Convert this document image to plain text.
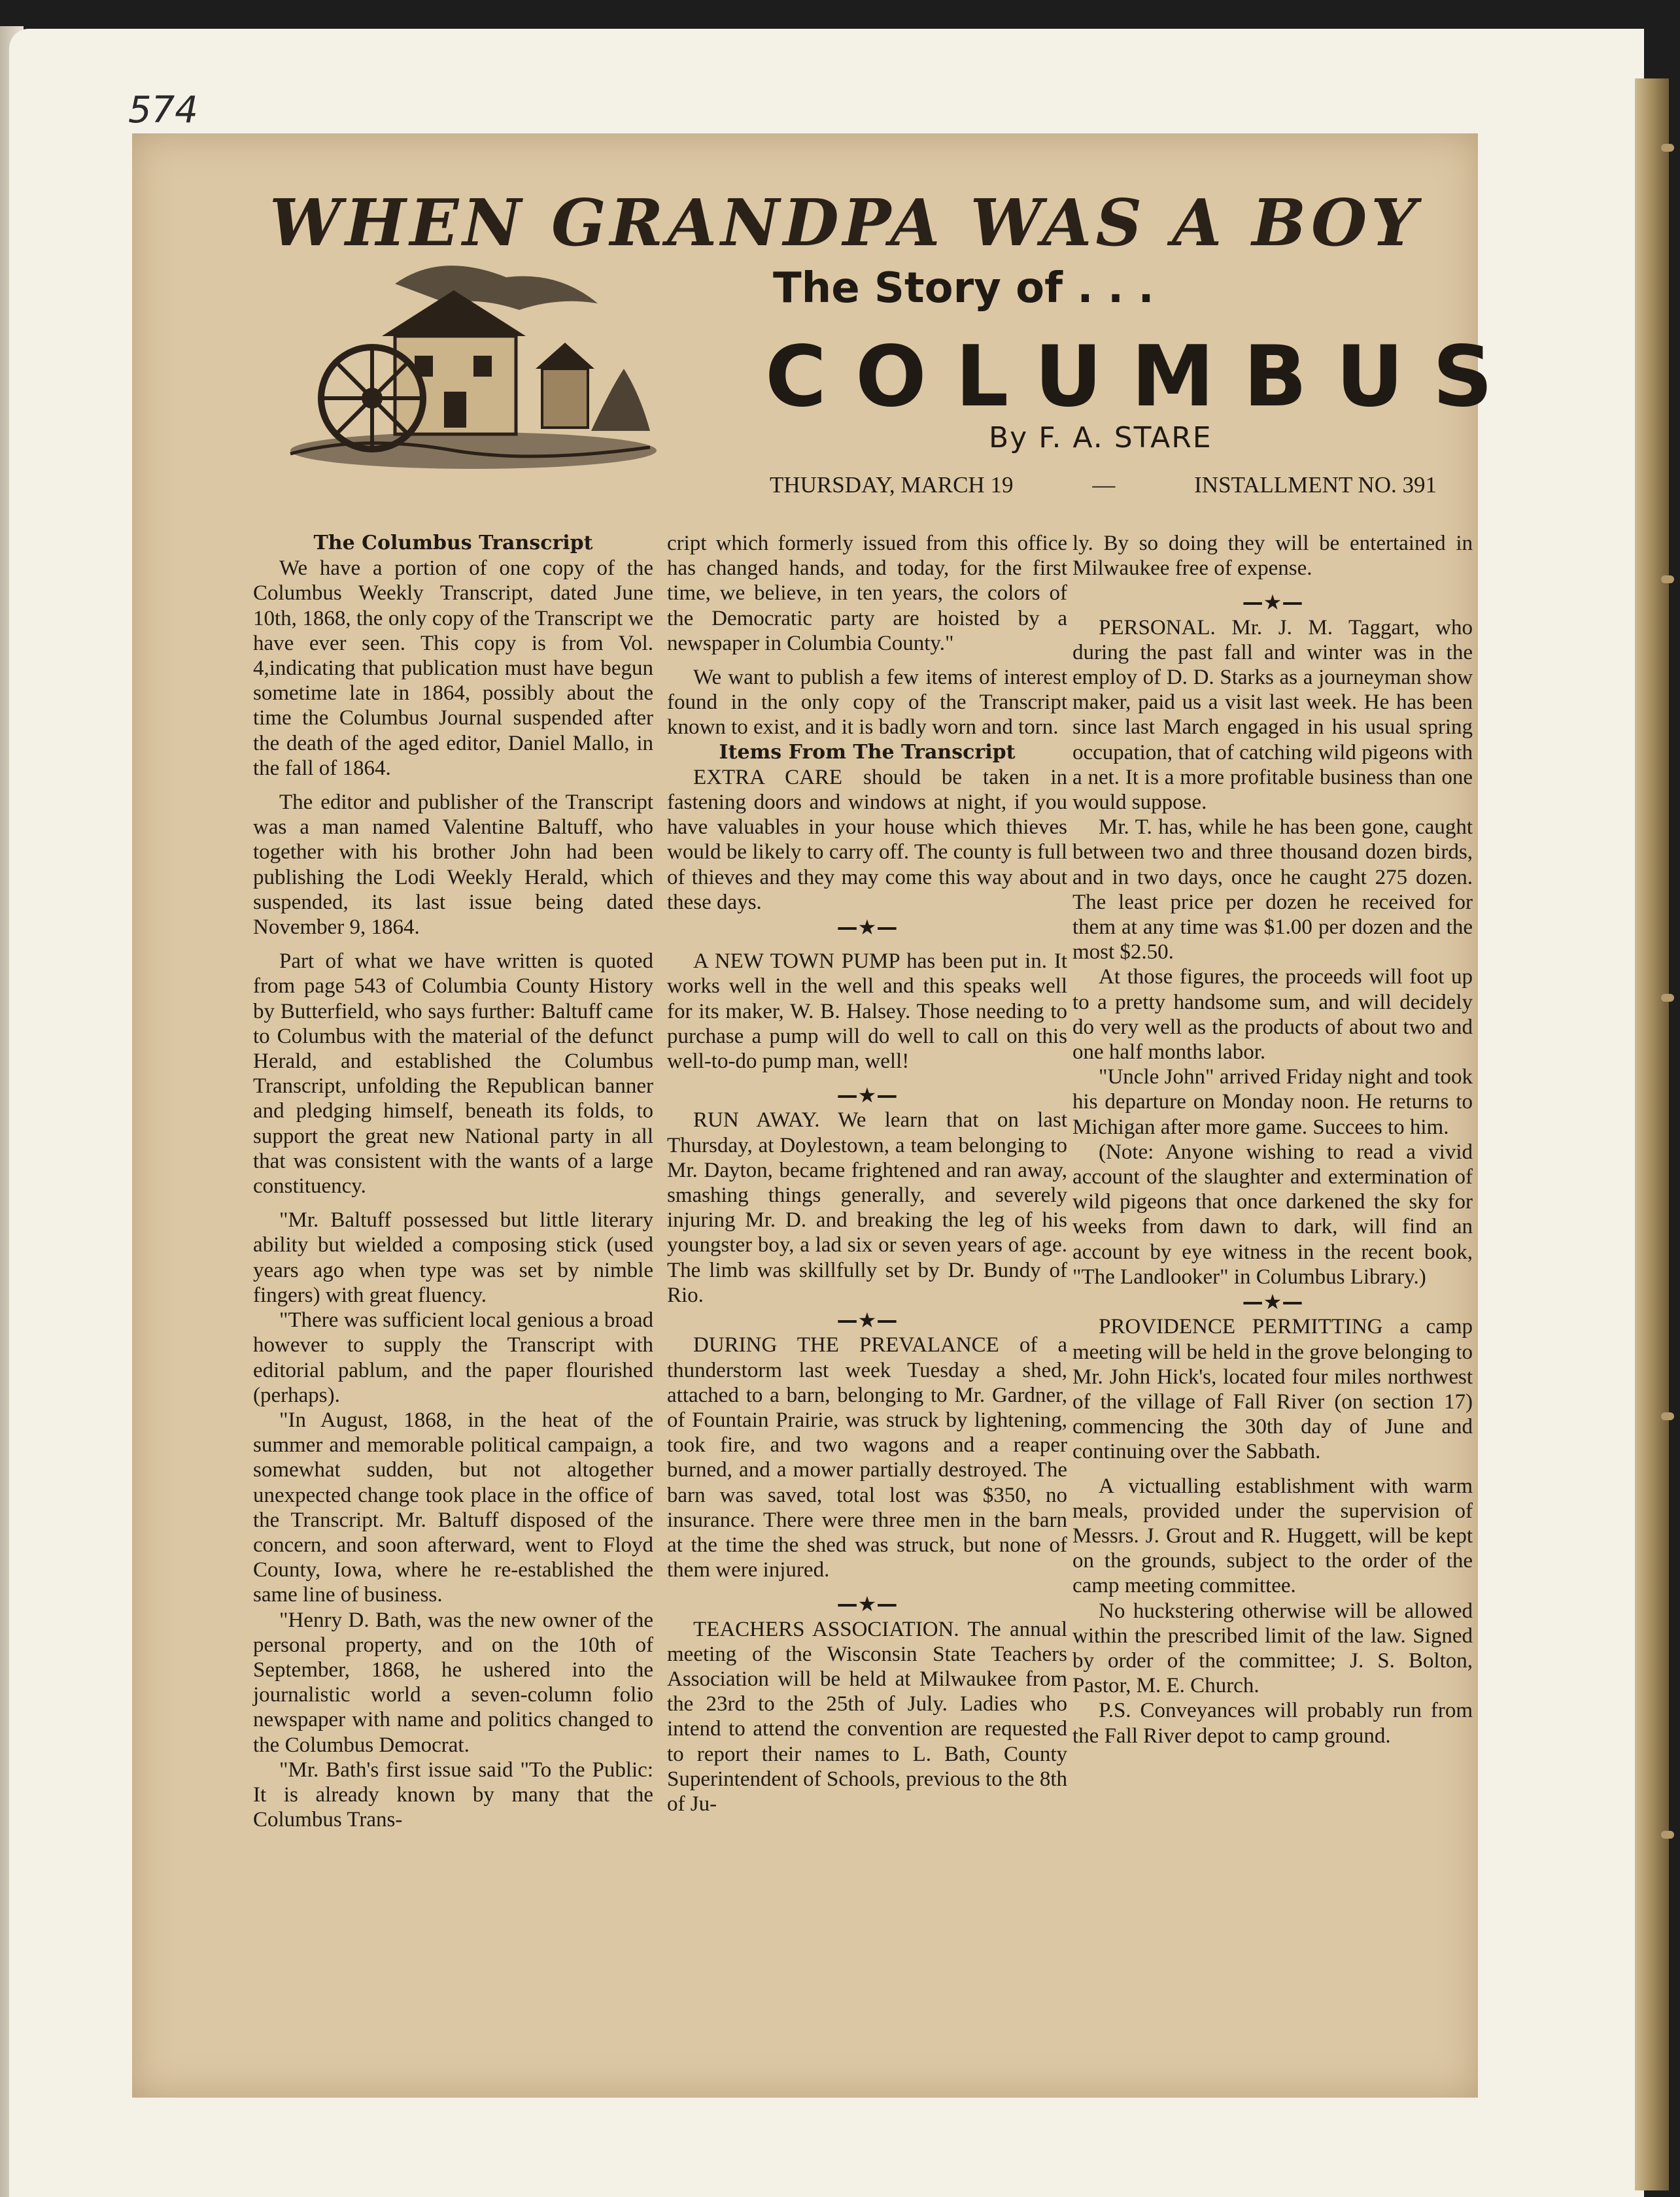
574
WHEN GRANDPA WAS A BOY
The Story of . . .
COLUMBUS
By F. A. STARE
THURSDAY, MARCH 19	—	INSTALLMENT NO. 391

The Columbus Transcript

We have a portion of one copy of the Columbus Weekly Transcript, dated June 10th, 1868, the only copy of the Transcript we have ever seen. This copy is from Vol. 4,indicating that publication must have begun sometime late in 1864, possibly about the time the Columbus Journal suspended after the death of the aged editor, Daniel Mallo, in the fall of 1864.

The editor and publisher of the Transcript was a man named Valentine Baltuff, who together with his brother John had been publishing the Lodi Weekly Herald, which suspended, its last issue being dated November 9, 1864.

Part of what we have written is quoted from page 543 of Columbia County History by Butterfield, who says further: Baltuff came to Columbus with the material of the defunct Herald, and established the Columbus Transcript, unfolding the Republican banner and pledging himself, beneath its folds, to support the great new National party in all that was consistent with the wants of a large constituency.

"Mr. Baltuff possessed but little literary ability but wielded a composing stick (used years ago when type was set by nimble fingers) with great fluency.

"There was sufficient local genious a broad however to supply the Transcript with editorial pablum, and the paper flourished (perhaps).

"In August, 1868, in the heat of the summer and memorable political campaign, a somewhat sudden, but not altogether unexpected change took place in the office of the Transcript. Mr. Baltuff disposed of the concern, and soon afterward, went to Floyd County, Iowa, where he re-established the same line of business.

"Henry D. Bath, was the new owner of the personal property, and on the 10th of September, 1868, he ushered into the journalistic world a seven-column folio newspaper with name and politics changed to the Columbus Democrat.

"Mr. Bath's first issue said "To the Public: It is already known by many that the Columbus Trans-

cript which formerly issued from this office has changed hands, and today, for the first time, we believe, in ten years, the colors of the Democratic party are hoisted by a newspaper in Columbia County."

We want to publish a few items of interest found in the only copy of the Transcript known to exist, and it is badly worn and torn.

Items From The Transcript

EXTRA CARE should be taken in fastening doors and windows at night, if you have valuables in your house which thieves would be likely to carry off. The county is full of thieves and they may come this way about these days.

—★—

A NEW TOWN PUMP has been put in. It works well in the well and this speaks well for its maker, W. B. Halsey. Those needing to purchase a pump will do well to call on this well-to-do pump man, well!

—★—

RUN AWAY. We learn that on last Thursday, at Doylestown, a team belonging to Mr. Dayton, became frightened and ran away, smashing things generally, and severely injuring Mr. D. and breaking the leg of his youngster boy, a lad six or seven years of age. The limb was skillfully set by Dr. Bundy of Rio.

—★—

DURING THE PREVALANCE of a thunderstorm last week Tuesday a shed, attached to a barn, belonging to Mr. Gardner, of Fountain Prairie, was struck by lightening, took fire, and two wagons and a reaper burned, and a mower partially destroyed. The barn was saved, total lost was $350, no insurance. There were three men in the barn at the time the shed was struck, but none of them were injured.

—★—

TEACHERS ASSOCIATION. The annual meeting of the Wisconsin State Teachers Association will be held at Milwaukee from the 23rd to the 25th of July. Ladies who intend to attend the convention are requested to report their names to L. Bath, County Superintendent of Schools, previous to the 8th of Ju-

ly. By so doing they will be entertained in Milwaukee free of expense.

—★—

PERSONAL. Mr. J. M. Taggart, who during the past fall and winter was in the employ of D. D. Starks as a journeyman show maker, paid us a visit last week. He has been since last March engaged in his usual spring occupation, that of catching wild pigeons with a net. It is a more profitable business than one would suppose.

Mr. T. has, while he has been gone, caught between two and three thousand dozen birds, and in two days, once he caught 275 dozen. The least price per dozen he received for them at any time was $1.00 per dozen and the most $2.50.

At those figures, the proceeds will foot up to a pretty handsome sum, and will decidely do very well as the products of about two and one half months labor.

"Uncle John" arrived Friday night and took his departure on Monday noon. He returns to Michigan after more game. Succees to him.

(Note: Anyone wishing to read a vivid account of the slaughter and extermination of wild pigeons that once darkened the sky for weeks from dawn to dark, will find an account by eye witness in the recent book, "The Landlooker" in Columbus Library.)

—★—

PROVIDENCE PERMITTING a camp meeting will be held in the grove belonging to Mr. John Hick's, located four miles northwest of the village of Fall River (on section 17) commencing the 30th day of June and continuing over the Sabbath.

A victualling establishment with warm meals, provided under the supervision of Messrs. J. Grout and R. Huggett, will be kept on the grounds, subject to the order of the camp meeting committee.

No huckstering otherwise will be allowed within the prescribed limit of the law. Signed by order of the committee; J. S. Bolton, Pastor, M. E. Church.

P.S. Conveyances will probably run from the Fall River depot to camp ground.
